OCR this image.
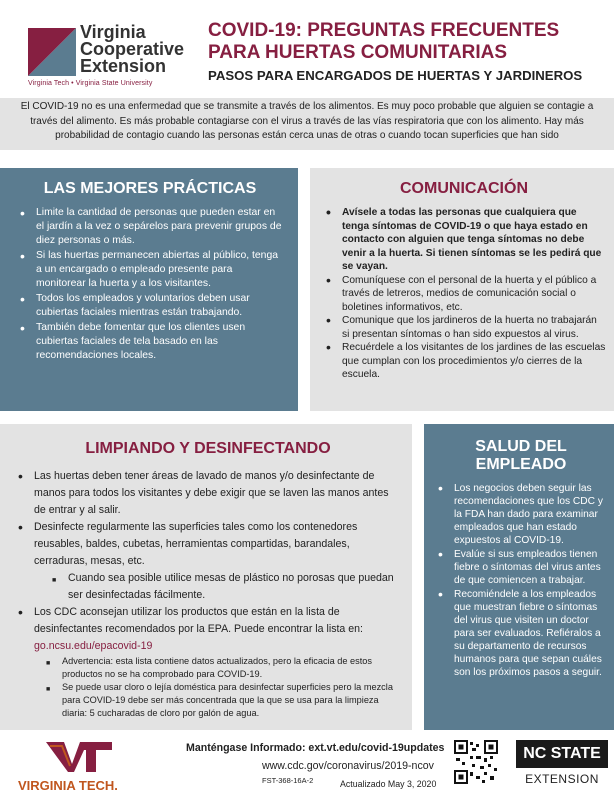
Virginia
Cooperative
Extension
Virginia Tech • Virginia State University
COVID-19: PREGUNTAS FRECUENTES
PARA HUERTAS COMUNITARIAS
PASOS PARA ENCARGADOS DE HUERTAS Y JARDINEROS
El COVID-19 no es una enfermedad que se transmite a través de los alimentos. Es muy poco probable que alguien se contagie a través del alimento. Es más probable contagiarse con el virus a través de las vías respiratoria que con los alimento. Hay más probabilidad de contagio cuando las personas están cerca unas de otras o cuando tocan superficies que han sido
LAS MEJORES PRÁCTICAS
• Limite la cantidad de personas que pueden estar en el jardín a la vez o sepárelos para prevenir grupos de diez personas o más.
• Si las huertas permanecen abiertas al público, tenga a un encargado o empleado presente para monitorear la huerta y a los visitantes.
• Todos los empleados y voluntarios deben usar cubiertas faciales mientras están trabajando.
• También debe fomentar que los clientes usen cubiertas faciales de tela basado en las recomendaciones locales.
COMUNICACIÓN
• Avísele a todas las personas que cualquiera que tenga síntomas de COVID-19 o que haya estado en contacto con alguien que tenga síntomas no debe venir a la huerta. Si tienen síntomas se les pedirá que se vayan.
• Comuníquese con el personal de la huerta y el público a través de letreros, medios de comunicación social o boletines informativos, etc.
• Comunique que los jardineros de la huerta no trabajarán si presentan síntomas o han sido expuestos al virus.
• Recuérdele a los visitantes de los jardines de las escuelas que cumplan con los procedimientos y/o cierres de la escuela.
LIMPIANDO Y DESINFECTANDO
• Las huertas deben tener áreas de lavado de manos y/o desinfectante de manos para todos los visitantes y debe exigir que se laven las manos antes de entrar y al salir.
• Desinfecte regularmente las superficies tales como los contenedores reusables, baldes, cubetas, herramientas compartidas, barandales, cerraduras, mesas, etc.
■ Cuando sea posible utilice mesas de plástico no porosas que puedan ser desinfectadas fácilmente.
• Los CDC aconsejan utilizar los productos que están en la lista de desinfectantes recomendados por la EPA. Puede encontrar la lista en:
go.ncsu.edu/epacovid-19
■ Advertencia: esta lista contiene datos actualizados, pero la eficacia de estos productos no se ha comprobado para COVID-19.
■ Se puede usar cloro o lejía doméstica para desinfectar superficies pero la mezcla para COVID-19 debe ser más concentrada que la que se usa para la limpieza diaria: 5 cucharadas de cloro por galón de agua.
SALUD DEL EMPLEADO
• Los negocios deben seguir las recomendaciones que los CDC y la FDA han dado para examinar empleados que han estado expuestos al COVID-19.
• Evalúe si sus empleados tienen fiebre o síntomas del virus antes de que comiencen a trabajar.
• Recomiéndele a los empleados que muestran fiebre o síntomas del virus que visiten un doctor para ser evaluados. Refiéralos a su departamento de recursos humanos para que sepan cuáles son los próximos pasos a seguir.
VIRGINIA TECH.
Manténgase Informado: ext.vt.edu/covid-19updates
www.cdc.gov/coronavirus/2019-ncov
FST-368-16A-2	Actualizado May 3, 2020
NC STATE
EXTENSION
